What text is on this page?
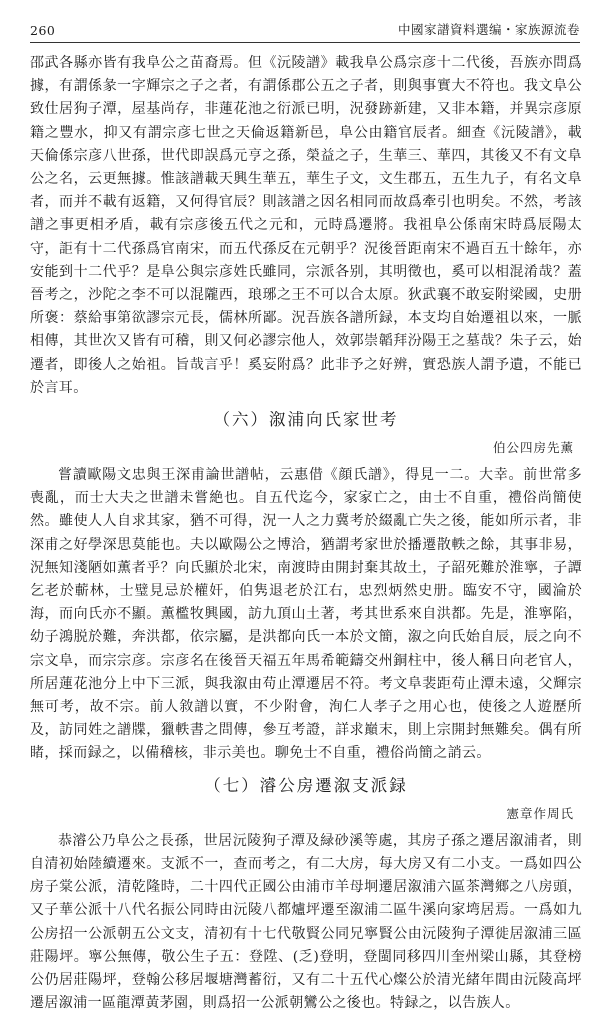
260	中國家譜資料選编・家族源流卷

邵武各縣亦皆有我阜公之苗裔焉。但《沅陵譜》載我阜公爲宗彦十二代後，吾族亦問爲據，有謂係彖一字輝宗之子之者，有謂係郡公五之子者，則與事實大不符也。我文阜公致仕居狗子潭，屋基尚存，非蓮花池之衍派已明，況發跡新建，又非本籍，并異宗彦原籍之豐水，抑又有謂宗彦七世之天倫返籍新邑，阜公由籍官辰者。細查《沅陵譜》，載天倫係宗彦八世孫，世代即誤爲元亨之孫，榮益之子，生華三、華四，其後又不有文阜公之名，云更無據。惟該譜載天興生華五，華生子文，文生郡五，五生九子，有名文阜者，而并不載有返籍，又何得官辰？則該譜之因名相同而故爲牽引也明矣。不然，考該譜之事更相矛盾，載有宗彦後五代之元和，元時爲遷將。我祖阜公係南宋時爲辰陽太守，詎有十二代孫爲官南宋，而五代孫反在元朝乎？況後晉距南宋不過百五十餘年，亦安能到十二代乎？是阜公與宗彦姓氏雖同，宗派各别，其明徵也，奚可以相混淆哉？蓋晉考之，沙陀之李不可以混隴西，琅琊之王不可以合太原。狄武襄不敢妄附梁國，史册所褒：蔡給事第欲謬宗元長，儒林所鄙。況吾族各譜所録，本支均自始遷祖以來，一脈相傳，其世次又皆有可稽，則又何必謬宗他人，效郭崇韜拜汾陽王之墓哉？朱子云，始遷者，即後人之始祖。旨哉言乎！奚妄附爲？此非予之好辨，實恐族人謂予遺，不能已於言耳。

（六）溆浦向氏家世考
伯公四房先薰

嘗讀歐陽文忠與王深甫論世譜帖，云惠借《顔氏譜》，得見一二。大幸。前世常多喪亂，而士大夫之世譜未嘗絶也。自五代迄今，家家亡之，由士不自重，禮俗尚簡使然。雖使人人自求其家，猶不可得，況一人之力冀考於綴亂亡失之後，能如所示者，非深甫之好學深思莫能也。夫以歐陽公之博洽，猶謂考家世於播遷散軼之餘，其事非易，況無知淺陋如薫者乎？向氏顯於北宋，南渡時由開封棄其故土，子韶死難於淮寧，子譚乞老於蘄林，士璧見忌於權奸，伯隽退老於江右，忠烈炳然史册。臨安不守，國淪於海，而向氏亦不顯。薫檻牧興國，訪九頂山土著，考其世系來自洪都。先是，淮寧陷，幼子鴻脱於難，奔洪都，依宗屬，是洪都向氏一本於文簡，溆之向氏始自辰，辰之向不宗文阜，而宗宗彦。宗彦名在後晉天福五年馬希範鑄交州銅柱中，後人稱日向老官人，所居蓮花池分上中下三派，與我溆由苟止潭遷居不符。考文阜裴距苟止潭未遠，父輝宗無可考，故不宗。前人敘譜以實，不少附會，洵仁人孝子之用心也，使後之人遊歷所及，訪同姓之譜牒，獵軼書之問傳，參互考證，詳求巔末，則上宗開封無難矣。偶有所睹，採而録之，以備稽核，非示美也。聊免士不自重，禮俗尚簡之誚云。

（七）濬公房遷溆支派録
憲章作周氏

恭濬公乃阜公之長孫，世居沅陵狗子潭及緑砂溪等處，其房子孫之遷居溆浦者，則自清初始陸續遷來。支派不一，查而考之，有二大房，每大房又有二小支。一爲如四公房子棠公派，清乾隆時，二十四代正國公由浦市羊母坰遷居溆浦六區茶灣鄉之八房頭，又子華公派十八代名振公同時由沅陵八都爐坪遷至溆浦二區牛溪向家塆居焉。一爲如九公房招一公派朝五公文支，清初有十七代敬賢公同兄寧賢公由沅陵狗子潭徙居溆浦三區莊陽坪。寧公無傳，敬公生子五：登陞、(乏)登明，登閩同移四川奎州梁山縣，其登榜公仍居莊陽坪，登翰公移居堰塘灣蓄衍，又有二十五代心燦公於清光緒年間由沅陵高坪遷居溆浦一區龍潭黃茅園，則爲招一公派朝鸞公之後也。特録之，以告族人。
